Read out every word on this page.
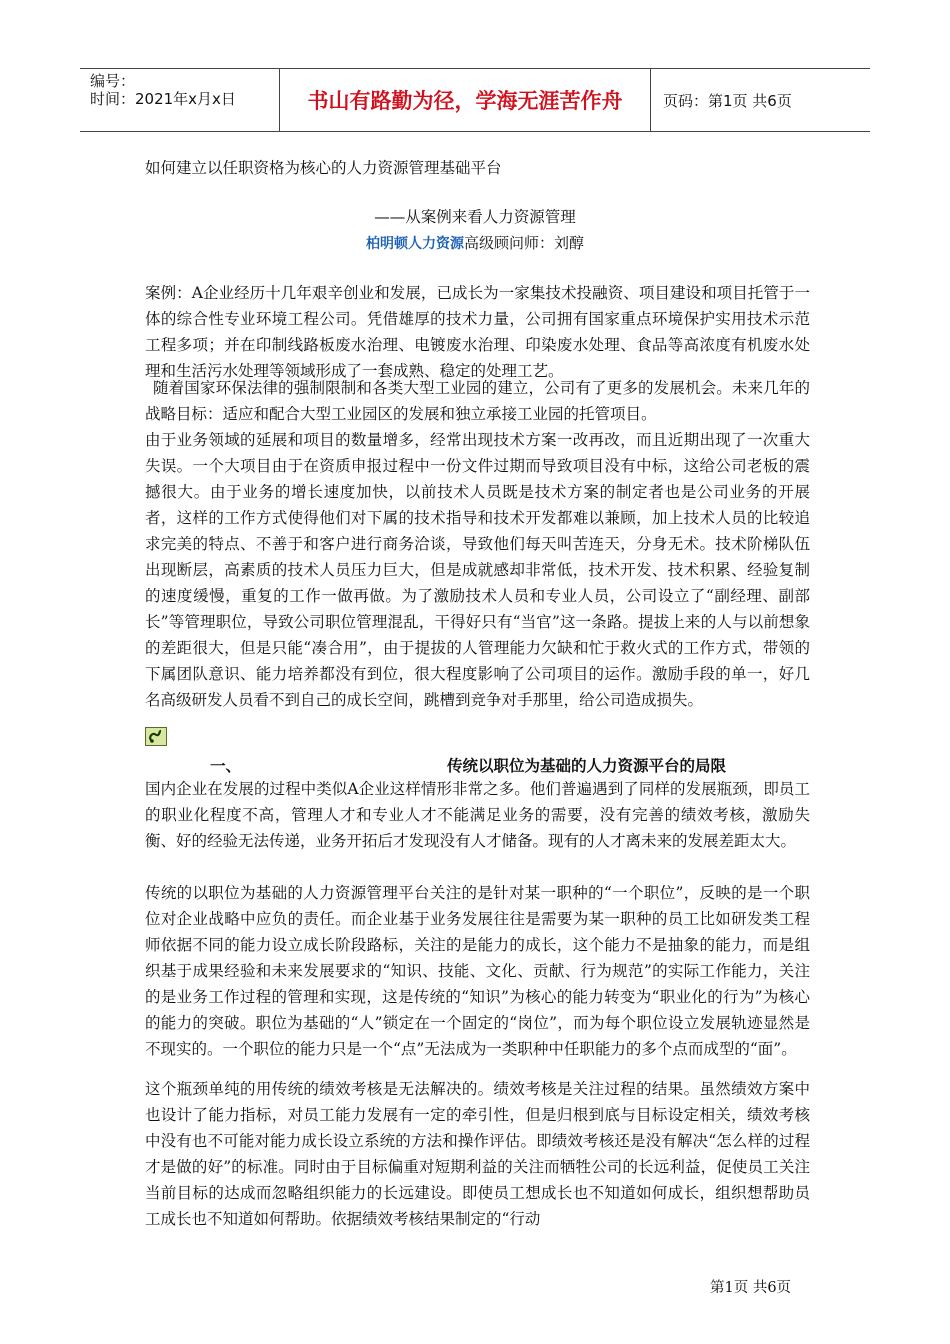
编号：
时间：2021年x月x日	书山有路勤为径，学海无涯苦作舟	页码：第1页 共6页
如何建立以任职资格为核心的人力资源管理基础平台
——从案例来看人力资源管理
柏明顿人力资源高级顾问师：刘醇
案例：A企业经历十几年艰辛创业和发展，已成长为一家集技术投融资、项目建设和项目托管于一体的综合性专业环境工程公司。凭借雄厚的技术力量，公司拥有国家重点环境保护实用技术示范工程多项；并在印制线路板废水治理、电镀废水治理、印染废水处理、食品等高浓度有机废水处理和生活污水处理等领域形成了一套成熟、稳定的处理工艺。
随着国家环保法律的强制限制和各类大型工业园的建立，公司有了更多的发展机会。未来几年的战略目标：适应和配合大型工业园区的发展和独立承接工业园的托管项目。
由于业务领域的延展和项目的数量增多，经常出现技术方案一改再改，而且近期出现了一次重大失误。一个大项目由于在资质申报过程中一份文件过期而导致项目没有中标，这给公司老板的震撼很大。由于业务的增长速度加快，以前技术人员既是技术方案的制定者也是公司业务的开展者，这样的工作方式使得他们对下属的技术指导和技术开发都难以兼顾，加上技术人员的比较追求完美的特点、不善于和客户进行商务洽谈，导致他们每天叫苦连天，分身无术。技术阶梯队伍出现断层，高素质的技术人员压力巨大，但是成就感却非常低，技术开发、技术积累、经验复制的速度缓慢，重复的工作一做再做。为了激励技术人员和专业人员，公司设立了“副经理、副部长”等管理职位，导致公司职位管理混乱，干得好只有“当官”这一条路。提拔上来的人与以前想象的差距很大，但是只能“凑合用”，由于提拔的人管理能力欠缺和忙于救火式的工作方式，带领的下属团队意识、能力培养都没有到位，很大程度影响了公司项目的运作。激励手段的单一，好几名高级研发人员看不到自己的成长空间，跳槽到竞争对手那里，给公司造成损失。
一、	传统以职位为基础的人力资源平台的局限
国内企业在发展的过程中类似A企业这样情形非常之多。他们普遍遇到了同样的发展瓶颈，即员工的职业化程度不高，管理人才和专业人才不能满足业务的需要，没有完善的绩效考核，激励失衡、好的经验无法传递，业务开拓后才发现没有人才储备。现有的人才离未来的发展差距太大。
传统的以职位为基础的人力资源管理平台关注的是针对某一职种的“一个职位”，反映的是一个职位对企业战略中应负的责任。而企业基于业务发展往往是需要为某一职种的员工比如研发类工程师依据不同的能力设立成长阶段路标，关注的是能力的成长，这个能力不是抽象的能力，而是组织基于成果经验和未来发展要求的“知识、技能、文化、贡献、行为规范”的实际工作能力，关注的是业务工作过程的管理和实现，这是传统的“知识”为核心的能力转变为“职业化的行为”为核心的能力的突破。职位为基础的“人”锁定在一个固定的“岗位”，而为每个职位设立发展轨迹显然是不现实的。一个职位的能力只是一个“点”无法成为一类职种中任职能力的多个点而成型的“面”。
这个瓶颈单纯的用传统的绩效考核是无法解决的。绩效考核是关注过程的结果。虽然绩效方案中也设计了能力指标，对员工能力发展有一定的牵引性，但是归根到底与目标设定相关，绩效考核中没有也不可能对能力成长设立系统的方法和操作评估。即绩效考核还是没有解决“怎么样的过程才是做的好”的标准。同时由于目标偏重对短期利益的关注而牺牲公司的长远利益，促使员工关注当前目标的达成而忽略组织能力的长远建设。即使员工想成长也不知道如何成长，组织想帮助员工成长也不知道如何帮助。依据绩效考核结果制定的“行动
第1页 共6页
